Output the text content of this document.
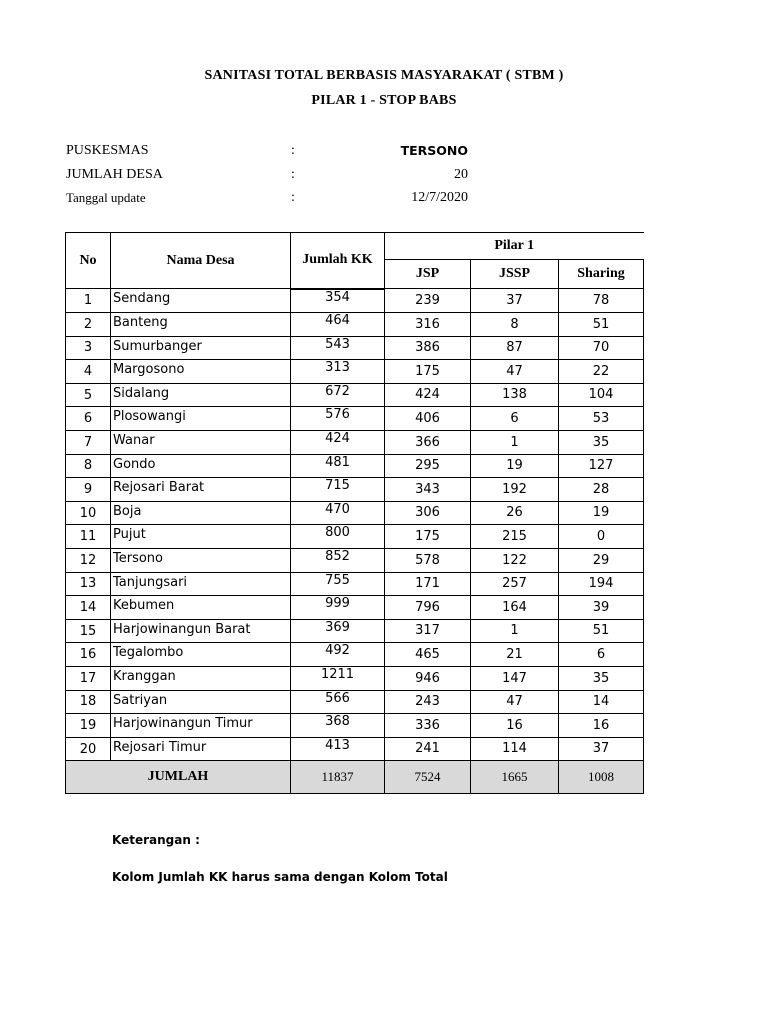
SANITASI TOTAL BERBASIS MASYARAKAT ( STBM )
PILAR 1 - STOP BABS
PUSKESMAS	:	TERSONO
JUMLAH DESA	:	20
Tanggal update	:	12/7/2020
No	Nama Desa	Jumlah KK	Pilar 1		
			JSP	JSSP	Sharing
1	Sendang	354	239	37	78
2	Banteng	464	316	8	51
3	Sumurbanger	543	386	87	70
4	Margosono	313	175	47	22
5	Sidalang	672	424	138	104
6	Plosowangi	576	406	6	53
7	Wanar	424	366	1	35
8	Gondo	481	295	19	127
9	Rejosari Barat	715	343	192	28
10	Boja	470	306	26	19
11	Pujut	800	175	215	0
12	Tersono	852	578	122	29
13	Tanjungsari	755	171	257	194
14	Kebumen	999	796	164	39
15	Harjowinangun Barat	369	317	1	51
16	Tegalombo	492	465	21	6
17	Kranggan	1211	946	147	35
18	Satriyan	566	243	47	14
19	Harjowinangun Timur	368	336	16	16
20	Rejosari Timur	413	241	114	37
JUMLAH		11837	7524	1665	1008
Keterangan :
Kolom Jumlah KK harus sama dengan Kolom Total
